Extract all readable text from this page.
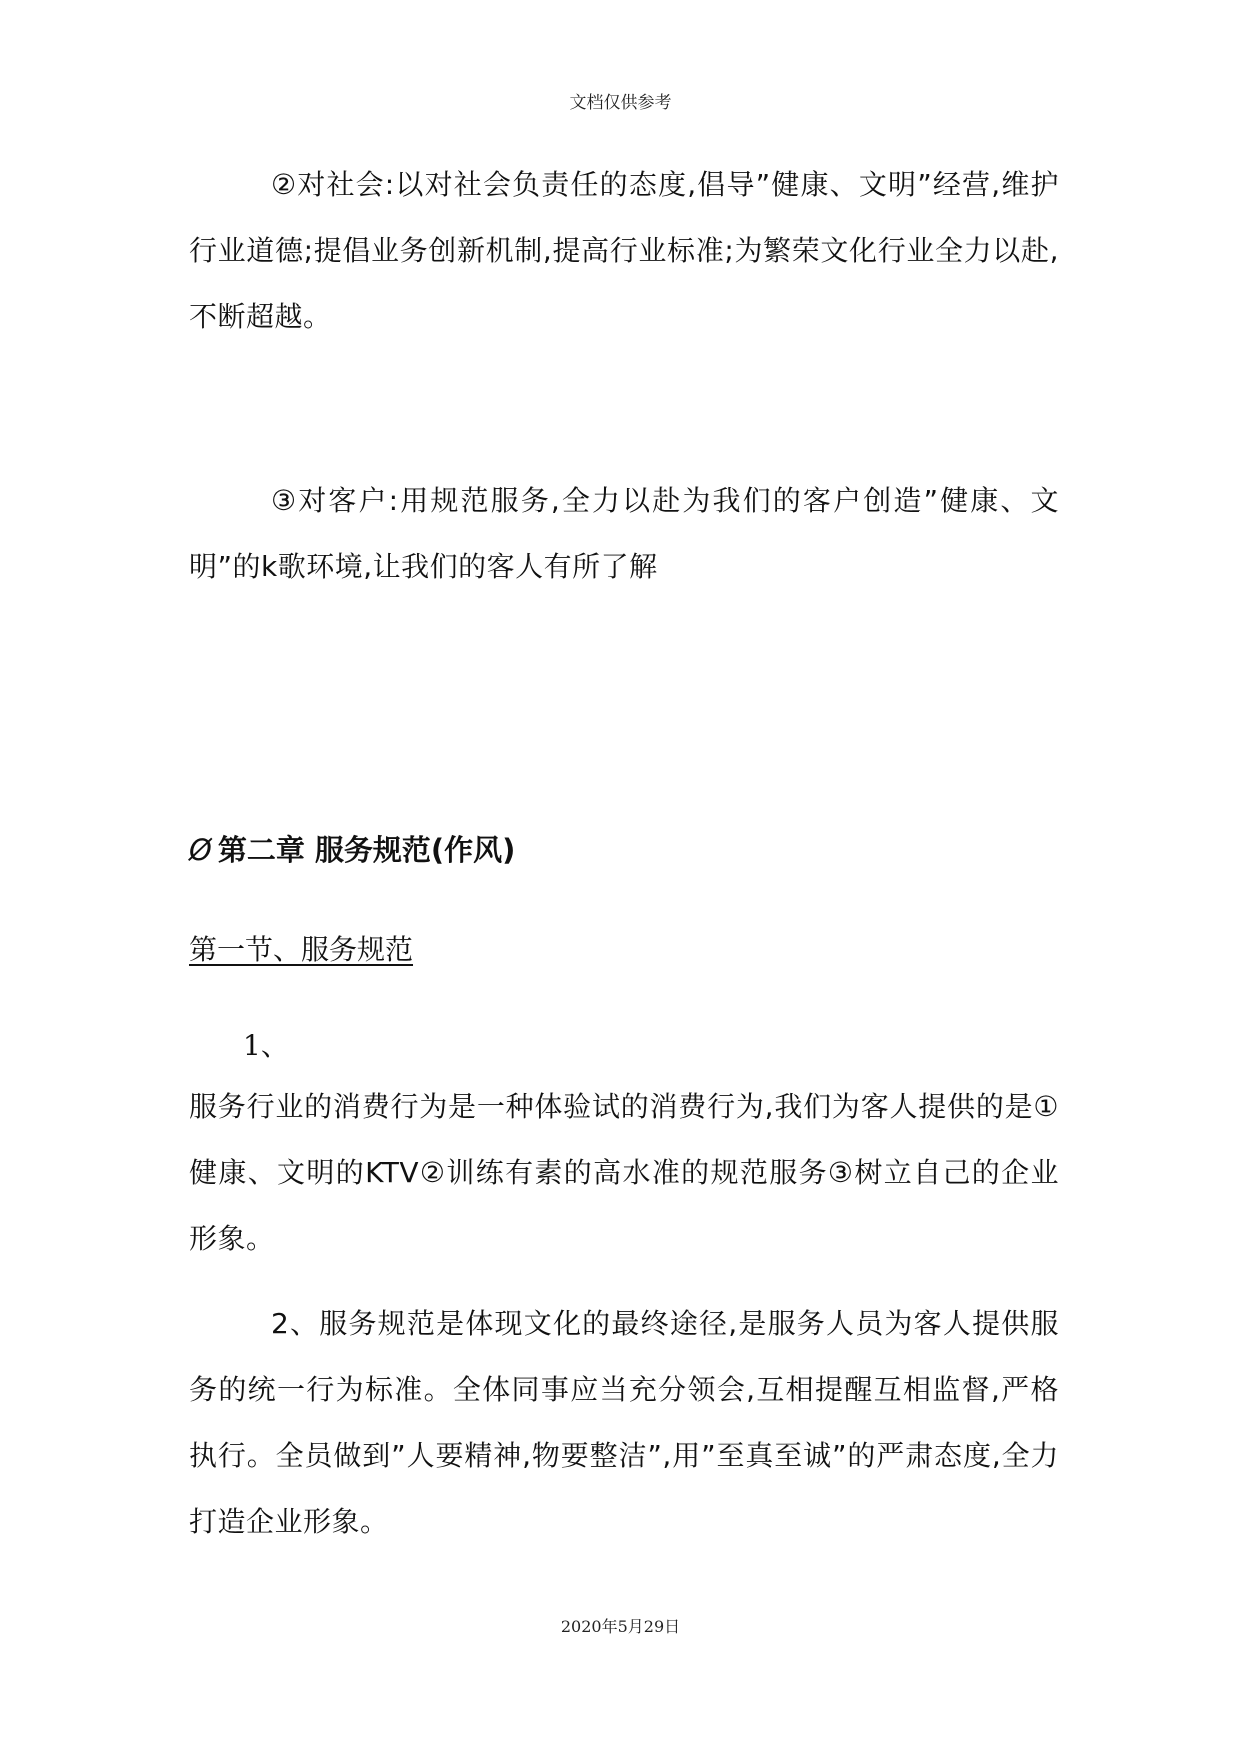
文档仅供参考
②对社会:以对社会负责任的态度,倡导”健康、文明”经营,维护行业道德;提倡业务创新机制,提高行业标准;为繁荣文化行业全力以赴,不断超越。
③对客户:用规范服务,全力以赴为我们的客户创造”健康、文明”的k歌环境,让我们的客人有所了解
Ø 第二章 服务规范(作风)
第一节、服务规范
1、
服务行业的消费行为是一种体验试的消费行为,我们为客人提供的是①健康、文明的KTV②训练有素的高水准的规范服务③树立自己的企业形象。
2、服务规范是体现文化的最终途径,是服务人员为客人提供服务的统一行为标准。全体同事应当充分领会,互相提醒互相监督,严格执行。全员做到”人要精神,物要整洁”,用”至真至诚”的严肃态度,全力打造企业形象。
2020年5月29日
